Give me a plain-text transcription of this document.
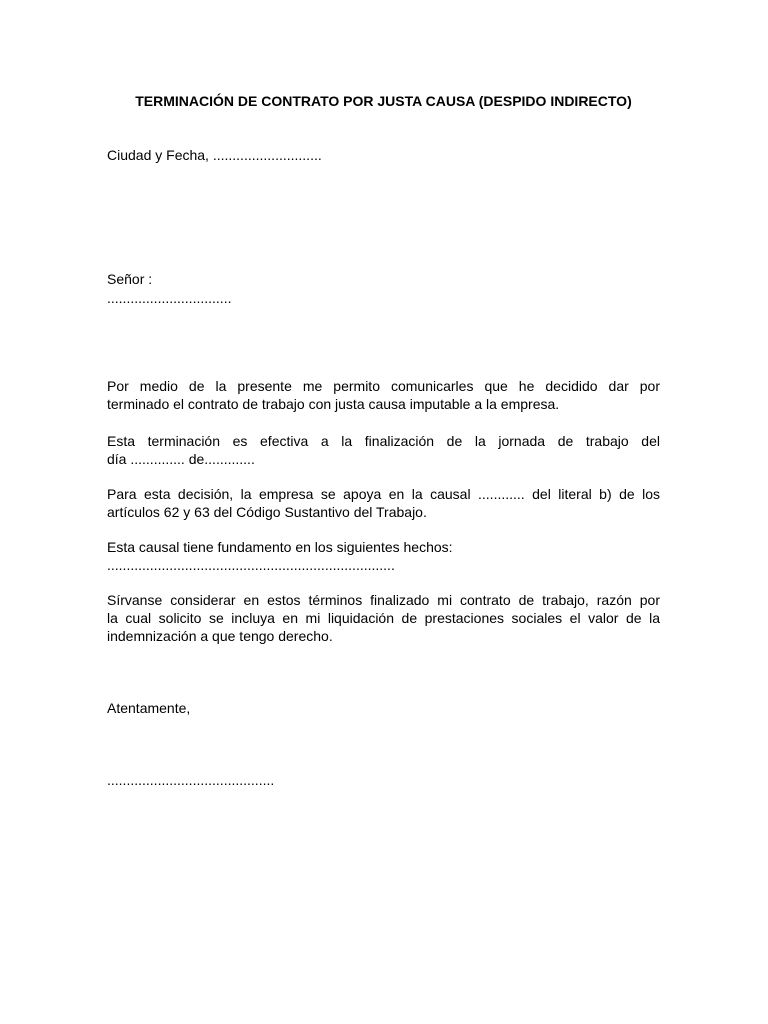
TERMINACIÓN DE CONTRATO POR JUSTA CAUSA (DESPIDO INDIRECTO)
Ciudad y Fecha, ............................
Señor :
................................
Por medio de la presente me permito comunicarles que he decidido dar por
terminado el contrato de trabajo con justa causa imputable a la empresa.
Esta terminación es efectiva a la finalización de la jornada de trabajo del
día .............. de.............
Para esta decisión, la empresa se apoya en la causal ............ del literal b) de los
artículos 62 y 63 del Código Sustantivo del Trabajo.
Esta causal tiene fundamento en los siguientes hechos:
..........................................................................
Sírvanse considerar en estos términos finalizado mi contrato de trabajo, razón por
la cual solicito se incluya en mi liquidación de prestaciones sociales el valor de la
indemnización a que tengo derecho.
Atentamente,
...........................................
